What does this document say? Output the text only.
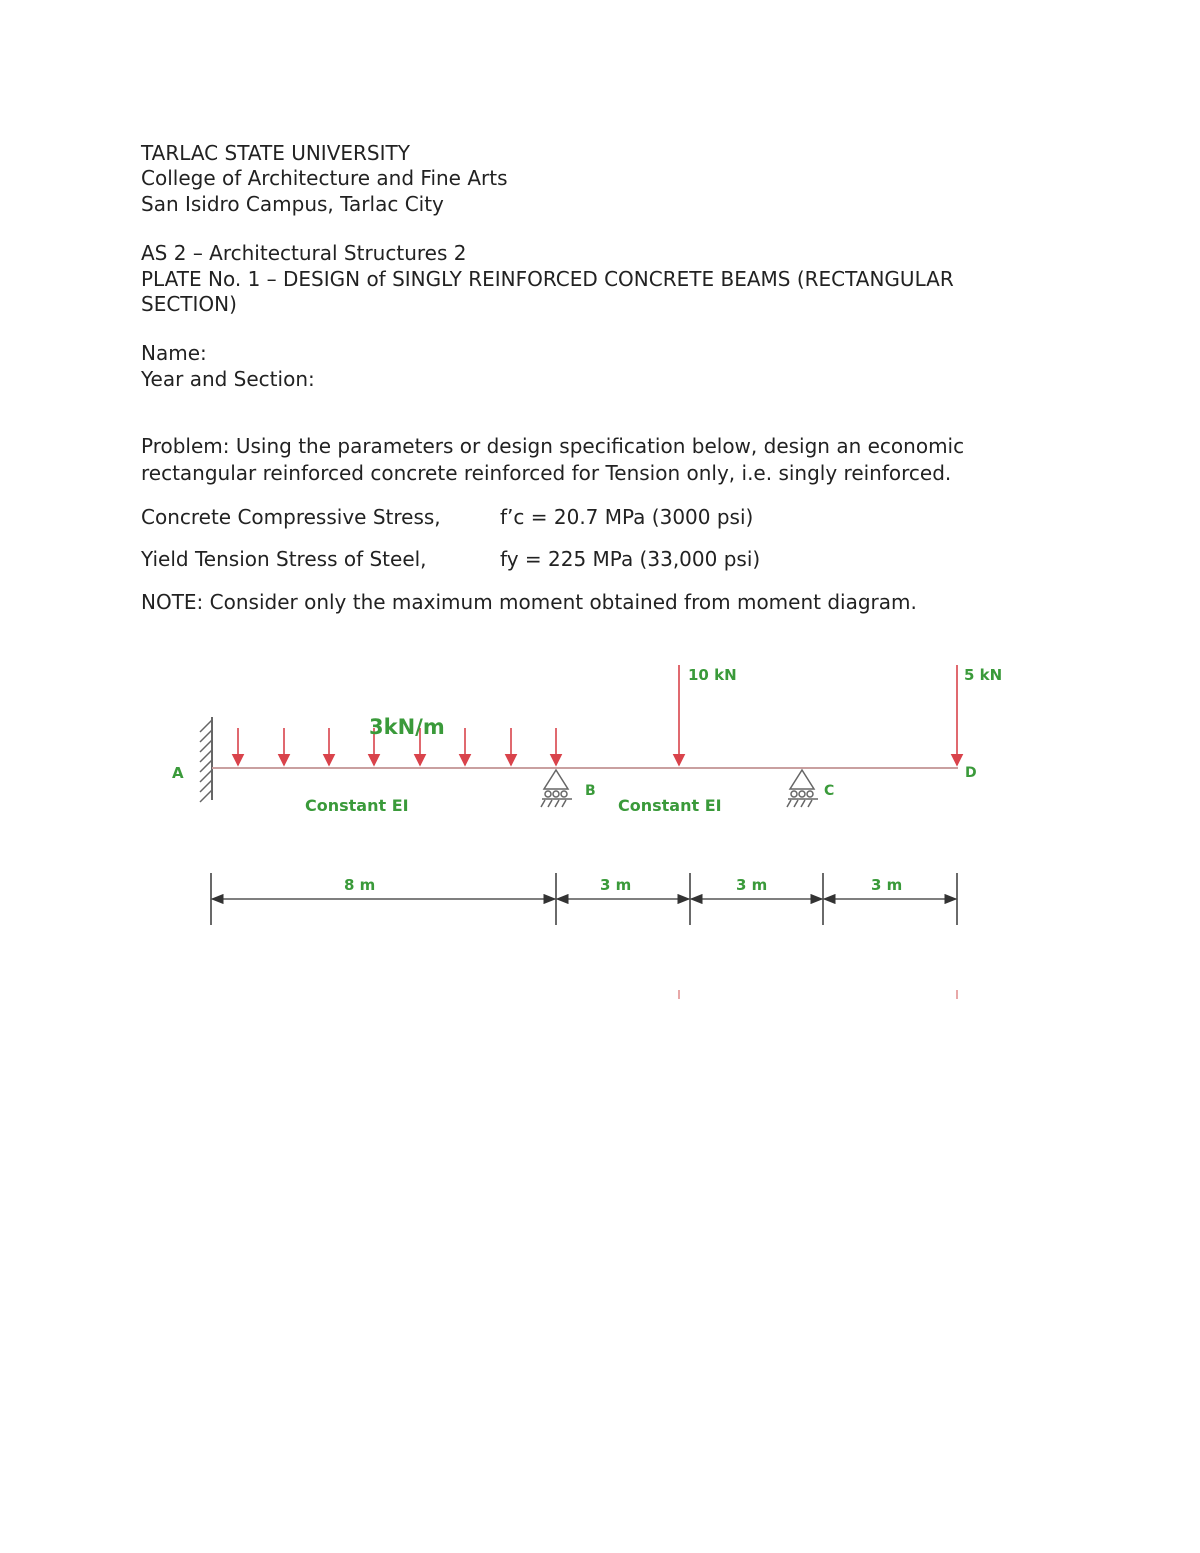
TARLAC STATE UNIVERSITY
College of Architecture and Fine Arts
San Isidro Campus, Tarlac City
AS 2 – Architectural Structures 2
PLATE No. 1 – DESIGN of SINGLY REINFORCED CONCRETE BEAMS (RECTANGULAR
SECTION)
Name:
Year and Section:
Problem: Using the parameters or design specification below, design an economic
rectangular reinforced concrete reinforced for Tension only, i.e. singly reinforced.
Concrete Compressive Stress,	f’c = 20.7 MPa (3000 psi)
Yield Tension Stress of Steel,	fy = 225 MPa (33,000 psi)
NOTE: Consider only the maximum moment obtained from moment diagram.
3kN/m
10 kN	5 kN
A
B	C
D
Constant EI	Constant EI
8 m	3 m	3 m	3 m
